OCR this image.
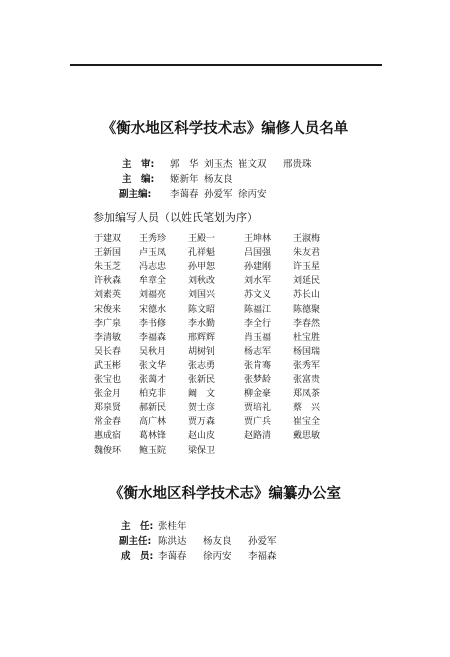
《衡水地区科学技术志》编修人员名单
主　审: 郭　华 刘玉杰 崔文双 邢贵珠
主　编: 姬新年 杨友良
副主编: 李蔼春 孙爱军 徐丙安
参加编写人员（以姓氏笔划为序）
于建双 王秀珍 王殿一	王坤林 王淑梅
王新国 卢玉凤 孔祥魁	吕国强 朱友君
朱玉芝 冯志忠 孙甲恕	孙建刚 许玉星
许秋森 牟章全 刘秋改	刘水军 刘延民
刘素英 刘福亮 刘国兴	苏文义 苏长山
宋俊来 宋德水 陈文昭	陈福江 陈德聚
李广泉 李书修 李水勤	李全行 李春然
李清敏 李福森 邢辉辉	肖玉福 杜宝胜
吴长春 吴秋月 胡树钊	杨志军 杨国瑞
武玉彬 张文华 张志勇	张肯骞 张秀军
张宝也 张蔼才 张新民	张梦龄 张富贵
张金月 柏克非 阚　文	柳金豪 郑凤茶
郑泉贤 郝新民 贺士彦	贾培礼 蔡　兴
常金春 高广林 贾万森	贾广兵 崔宝全
惠成宿 葛林锋 赵山皮	赵路清 戴思敏
魏俊环 鲍玉院 梁保卫
《衡水地区科学技术志》编纂办公室
主　任: 张桂年
副主任: 陈洪达 杨友良 孙爱军
成　员: 李蔼春 徐丙安 李福森
